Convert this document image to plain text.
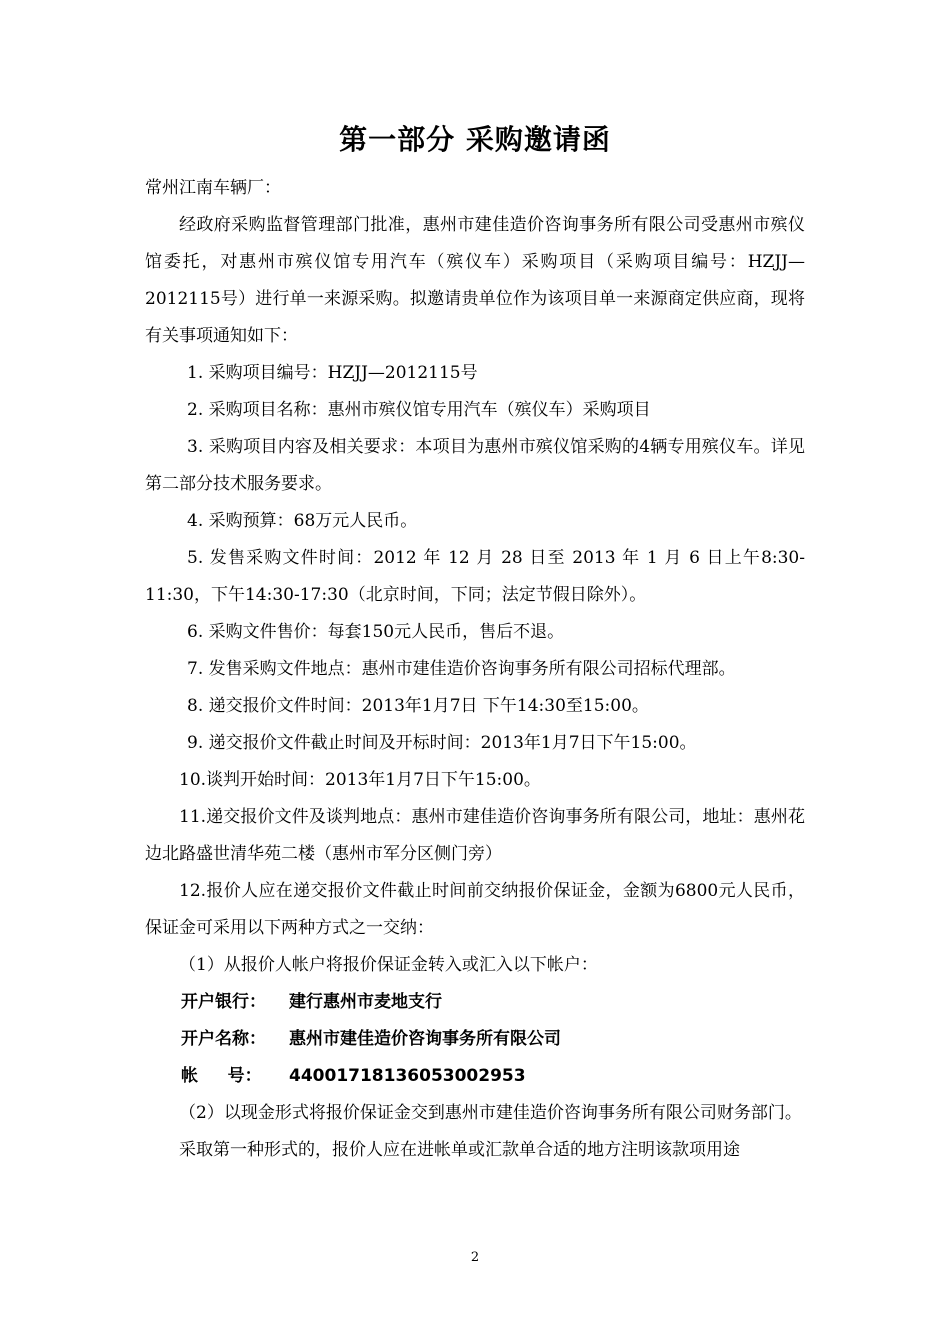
第一部分 采购邀请函

常州江南车辆厂：

经政府采购监督管理部门批准，惠州市建佳造价咨询事务所有限公司受惠州市殡仪馆委托，对惠州市殡仪馆专用汽车（殡仪车）采购项目（采购项目编号：HZJJ—2012115号）进行单一来源采购。拟邀请贵单位作为该项目单一来源商定供应商，现将有关事项通知如下：

1. 采购项目编号：HZJJ—2012115号

2. 采购项目名称：惠州市殡仪馆专用汽车（殡仪车）采购项目

3. 采购项目内容及相关要求：本项目为惠州市殡仪馆采购的4辆专用殡仪车。详见第二部分技术服务要求。

4. 采购预算：68万元人民币。

5. 发售采购文件时间：2012 年 12 月 28 日至 2013 年 1 月 6 日上午8:30-11:30，下午14:30-17:30（北京时间，下同；法定节假日除外）。

6. 采购文件售价：每套150元人民币，售后不退。

7. 发售采购文件地点：惠州市建佳造价咨询事务所有限公司招标代理部。

8. 递交报价文件时间：2013年1月7日 下午14:30至15:00。

9. 递交报价文件截止时间及开标时间：2013年1月7日下午15:00。

10.谈判开始时间：2013年1月7日下午15:00。

11.递交报价文件及谈判地点：惠州市建佳造价咨询事务所有限公司，地址：惠州花边北路盛世清华苑二楼（惠州市军分区侧门旁）

12.报价人应在递交报价文件截止时间前交纳报价保证金，金额为6800元人民币，保证金可采用以下两种方式之一交纳：

（1）从报价人帐户将报价保证金转入或汇入以下帐户：

开户银行： 建行惠州市麦地支行

开户名称： 惠州市建佳造价咨询事务所有限公司

帐     号： 44001718136053002953

（2）以现金形式将报价保证金交到惠州市建佳造价咨询事务所有限公司财务部门。

采取第一种形式的，报价人应在进帐单或汇款单合适的地方注明该款项用途

2
